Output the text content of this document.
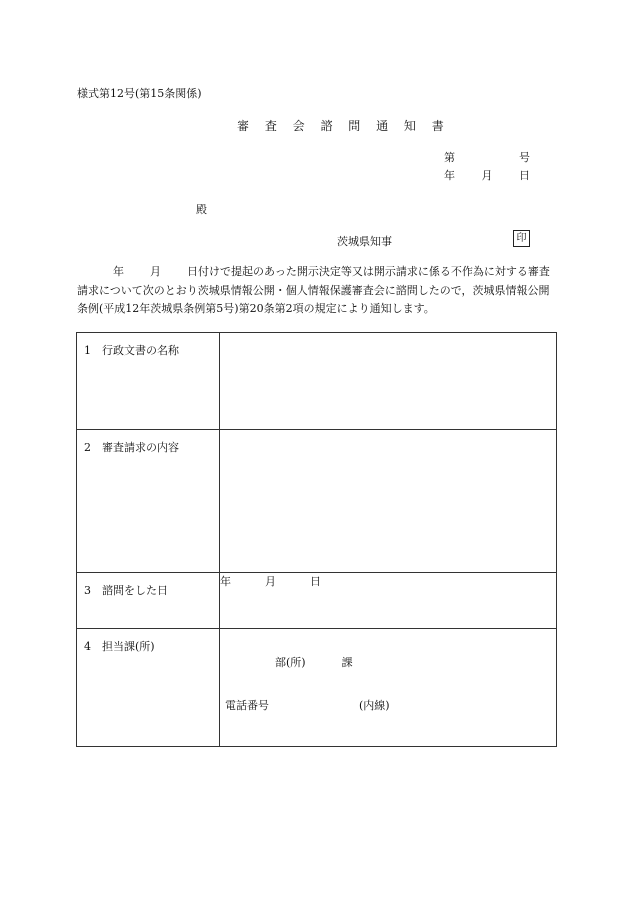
様式第12号(第15条関係)
審 査 会 諮 問 通 知 書
第	号
年 月 日
殿
茨城県知事	印
年 月 日付けで提起のあった開示決定等又は開示請求に係る不作為に対する審査請求について次のとおり茨城県情報公開・個人情報保護審査会に諮問したので，茨城県情報公開条例(平成12年茨城県条例第5号)第20条第2項の規定により通知します。
1 行政文書の名称	
2 審査請求の内容	
3 諮問をした日	年 月 日
4 担当課(所)	部(所) 課
電話番号 (内線)
